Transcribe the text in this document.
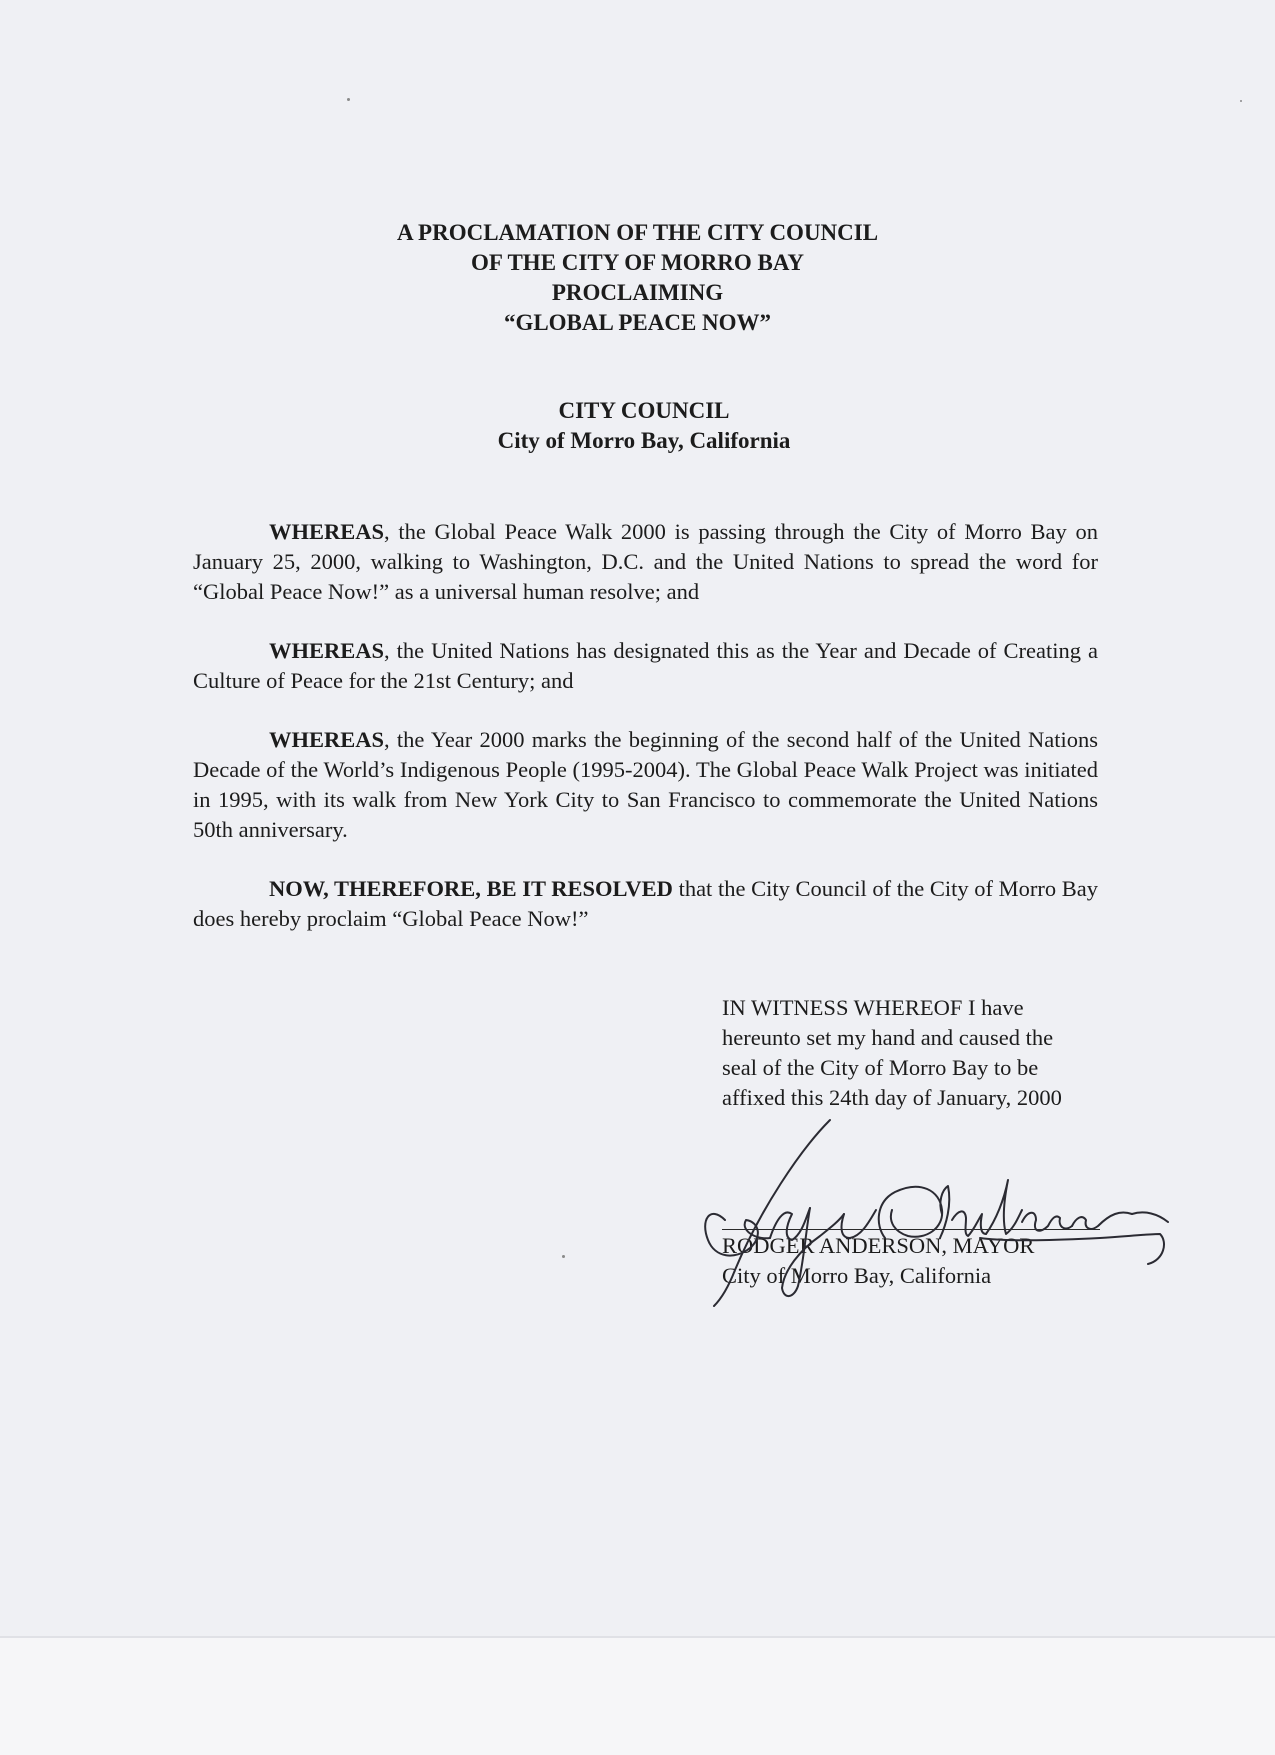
A PROCLAMATION OF THE CITY COUNCIL
OF THE CITY OF MORRO BAY
PROCLAIMING
“GLOBAL PEACE NOW”
CITY COUNCIL
City of Morro Bay, California

WHEREAS, the Global Peace Walk 2000 is passing through the City of Morro Bay on January 25, 2000, walking to Washington, D.C. and the United Nations to spread the word for “Global Peace Now!” as a universal human resolve; and

WHEREAS, the United Nations has designated this as the Year and Decade of Creating a Culture of Peace for the 21st Century; and

WHEREAS, the Year 2000 marks the beginning of the second half of the United Nations Decade of the World’s Indigenous People (1995-2004). The Global Peace Walk Project was initiated in 1995, with its walk from New York City to San Francisco to commemorate the United Nations 50th anniversary.

NOW, THEREFORE, BE IT RESOLVED that the City Council of the City of Morro Bay does hereby proclaim “Global Peace Now!”

IN WITNESS WHEREOF I have
hereunto set my hand and caused the
seal of the City of Morro Bay to be
affixed this 24th day of January, 2000
RODGER ANDERSON, MAYOR
City of Morro Bay, California
